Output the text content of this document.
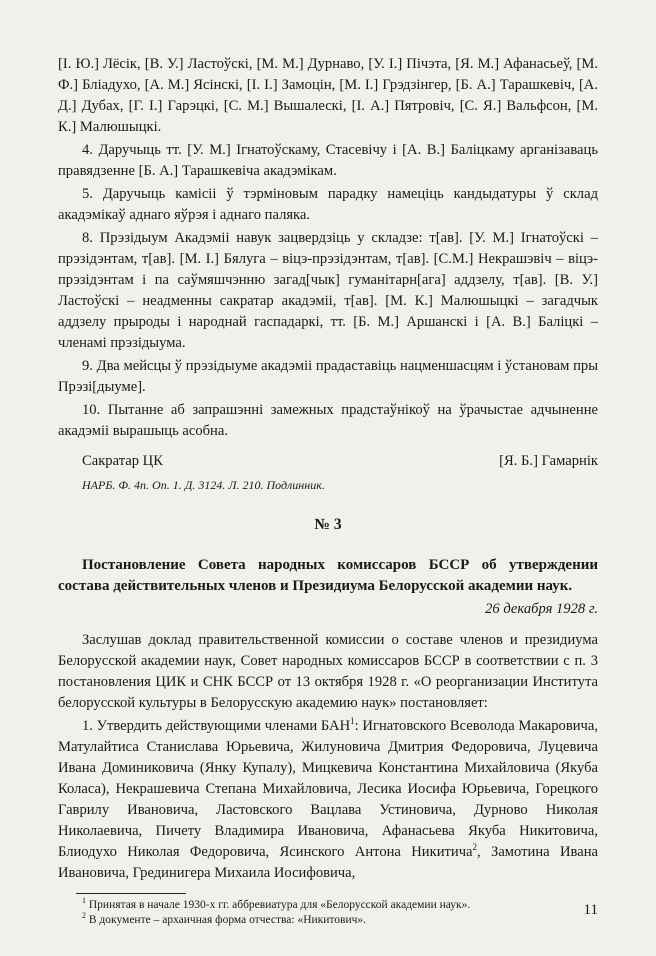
[І. Ю.] Лёсік, [В. У.] Ластоўскі, [М. М.] Дурнаво, [У. І.] Пічэта, [Я. М.] Афанасьеў, [М. Ф.] Бліадухо, [А. М.] Ясінскі, [І. І.] Замоцін, [М. І.] Грэдзінгер, [Б. А.] Тарашкевіч, [А. Д.] Дубах, [Г. І.] Гарэцкі, [С. М.] Вышалескі, [І. А.] Пятровіч, [С. Я.] Вальфсон, [М. К.] Малюшыцкі.

4. Даручыць тт. [У. М.] Ігнатоўскаму, Стасевічу і [А. В.] Баліцкаму арганізаваць правядзенне [Б. А.] Тарашкевіча акадэмікам.

5. Даручыць камісіі ў тэрміновым парадку намеціць кандыдатуры ў склад акадэмікаў аднаго яўрэя і аднаго паляка.

8. Прэзідыум Акадэміі навук зацвердзіць у складзе: т[ав]. [У. М.] Ігнатоўскі – прэзідэнтам, т[ав]. [М. І.] Бялуга – віцэ-прэзідэнтам, т[ав]. [С.М.] Некрашэвіч – віцэ-прэзідэнтам і па саўмяшчэнню загад[чык] гуманітарн[ага] аддзелу, т[ав]. [В. У.] Ластоўскі – неадменны сакратар акадэміі, т[ав]. [М. К.] Малюшыцкі – загадчык аддзелу прыроды і народнай гаспадаркі, тт. [Б. М.] Аршанскі і [А. В.] Баліцкі – членамі прэзідыума.

9. Два мейсцы ў прэзідыуме акадэміі прадаставіць нацменшасцям і ўстановам пры Прэзі[дыуме].

10. Пытанне аб запрашэнні замежных прадстаўнікоў на ўрачыстае адчыненне акадэміі вырашыць асобна.

Сакратар ЦК	[Я. Б.] Гамарнік
НАРБ. Ф. 4п. Оп. 1. Д. 3124. Л. 210. Подлинник.
№ 3
Постановление Совета народных комиссаров БССР об утверждении состава действительных членов и Президиума Белорусской академии наук.
26 декабря 1928 г.

Заслушав доклад правительственной комиссии о составе членов и президиума Белорусской академии наук, Совет народных комиссаров БССР в соответствии с п. 3 постановления ЦИК и СНК БССР от 13 октября 1928 г. «О реорганизации Института белорусской культуры в Белорусскую академию наук» постановляет:

1. Утвердить действующими членами БАН$^1$: Игнатовского Всеволода Макаровича, Матулайтиса Станислава Юрьевича, Жилуновича Дмитрия Федоровича, Луцевича Ивана Доминиковича (Янку Купалу), Мицкевича Константина Михайловича (Якуба Коласа), Некрашевича Степана Михайловича, Лесика Иосифа Юрьевича, Горецкого Гаврилу Ивановича, Ластовского Вацлава Устиновича, Дурново Николая Николаевича, Пичету Владимира Ивановича, Афанасьева Якуба Никитовича, Блиодухо Николая Федоровича, Ясинского Антона Никитича$^2$, Замотина Ивана Ивановича, Грединигера Михаила Иосифовича,

$^1$ Принятая в начале 1930-х гг. аббревиатура для «Белорусской академии наук».
$^2$ В документе – архаичная форма отчества: «Никитович».
11
